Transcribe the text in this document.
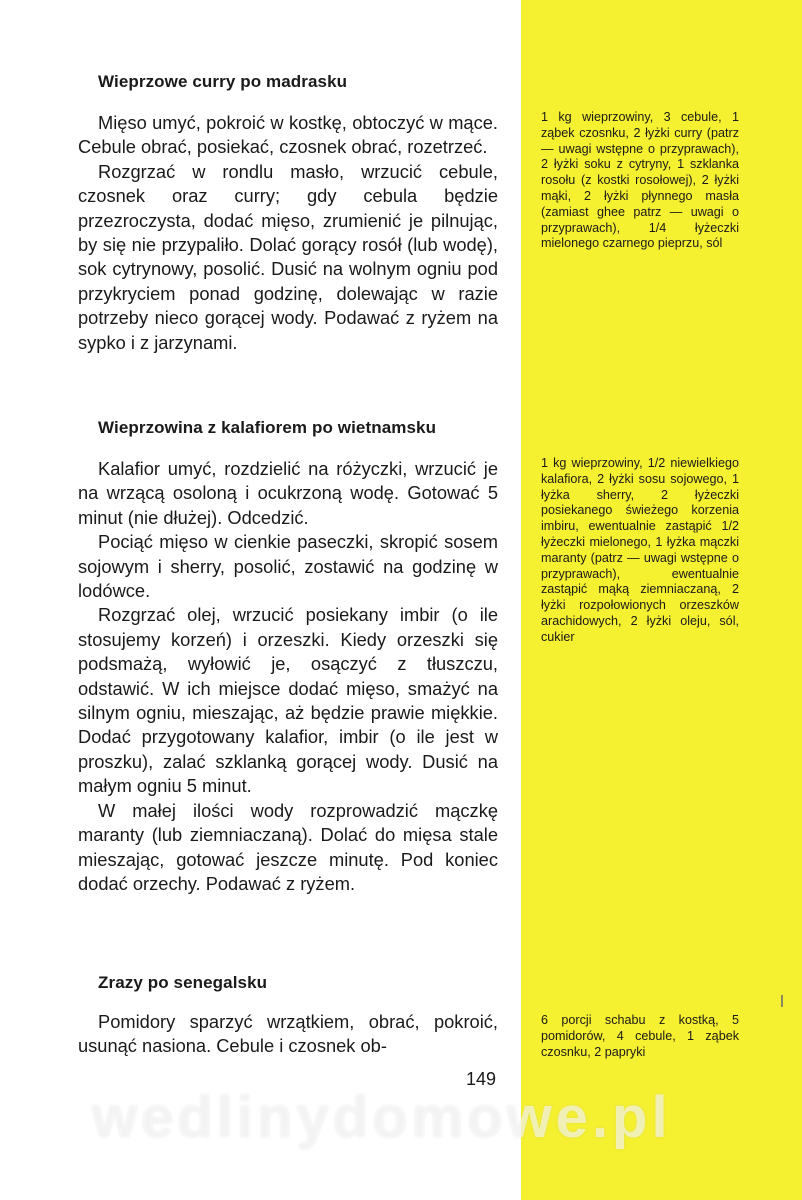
Wieprzowe curry po madrasku

Mięso umyć, pokroić w kostkę, obtoczyć w mące. Cebule obrać, posiekać, czosnek obrać, rozetrzeć.

Rozgrzać w rondlu masło, wrzucić cebule, czosnek oraz curry; gdy cebula będzie przezroczysta, dodać mięso, zrumienić je pilnując, by się nie przypaliło. Dolać gorący rosół (lub wodę), sok cytrynowy, posolić. Dusić na wolnym ogniu pod przykryciem ponad godzinę, dolewając w razie potrzeby nieco gorącej wody. Podawać z ryżem na sypko i z jarzynami.

1 kg wieprzowiny, 3 cebule, 1 ząbek czosnku, 2 łyżki curry (patrz — uwagi wstępne o przyprawach), 2 łyżki soku z cytryny, 1 szklanka rosołu (z kostki rosołowej), 2 łyżki mąki, 2 łyżki płynnego masła (zamiast ghee patrz — uwagi o przyprawach), 1/4 łyżeczki mielonego czarnego pieprzu, sól
Wieprzowina z kalafiorem po wietnamsku

Kalafior umyć, rozdzielić na różyczki, wrzucić je na wrzącą osoloną i ocukrzoną wodę. Gotować 5 minut (nie dłużej). Odcedzić.

Pociąć mięso w cienkie paseczki, skropić sosem sojowym i sherry, posolić, zostawić na godzinę w lodówce.

Rozgrzać olej, wrzucić posiekany imbir (o ile stosujemy korzeń) i orzeszki. Kiedy orzeszki się podsmażą, wyłowić je, osączyć z tłuszczu, odstawić. W ich miejsce dodać mięso, smażyć na silnym ogniu, mieszając, aż będzie prawie miękkie. Dodać przygotowany kalafior, imbir (o ile jest w proszku), zalać szklanką gorącej wody. Dusić na małym ogniu 5 minut.

W małej ilości wody rozprowadzić mączkę maranty (lub ziemniaczaną). Dolać do mięsa stale mieszając, gotować jeszcze minutę. Pod koniec dodać orzechy. Podawać z ryżem.

1 kg wieprzowiny, 1/2 niewielkiego kalafiora, 2 łyżki sosu sojowego, 1 łyżka sherry, 2 łyżeczki posiekanego świeżego korzenia imbiru, ewentualnie zastąpić 1/2 łyżeczki mielonego, 1 łyżka mączki maranty (patrz — uwagi wstępne o przyprawach), ewentualnie zastąpić mąką ziemniaczaną, 2 łyżki rozpołowionych orzeszków arachidowych, 2 łyżki oleju, sól, cukier
Zrazy po senegalsku

Pomidory sparzyć wrzątkiem, obrać, pokroić, usunąć nasiona. Cebule i czosnek ob-

6 porcji schabu z kostką, 5 pomidorów, 4 cebule, 1 ząbek czosnku, 2 papryki
149
wedlinydomowe.pl
